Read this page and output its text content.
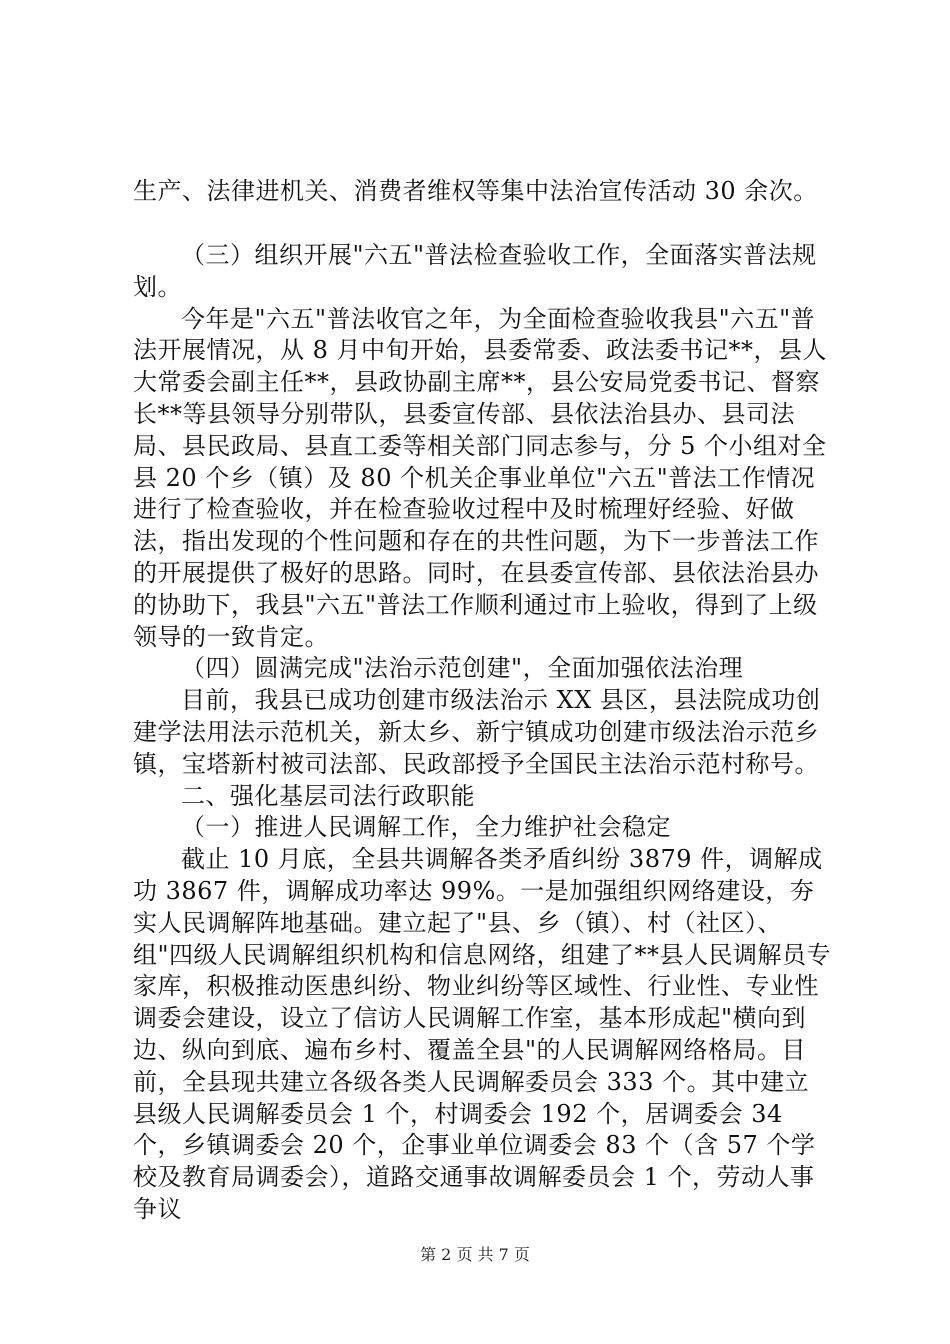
生产、法律进机关、消费者维权等集中法治宣传活动 30 余次。

（三）组织开展"六五"普法检查验收工作，全面落实普法规划。

今年是"六五"普法收官之年，为全面检查验收我县"六五"普法开展情况，从 8 月中旬开始，县委常委、政法委书记**，县人大常委会副主任**，县政协副主席**，县公安局党委书记、督察长**等县领导分别带队，县委宣传部、县依法治县办、县司法局、县民政局、县直工委等相关部门同志参与，分 5 个小组对全县 20 个乡（镇）及 80 个机关企事业单位"六五"普法工作情况进行了检查验收，并在检查验收过程中及时梳理好经验、好做法，指出发现的个性问题和存在的共性问题，为下一步普法工作的开展提供了极好的思路。同时，在县委宣传部、县依法治县办的协助下，我县"六五"普法工作顺利通过市上验收，得到了上级领导的一致肯定。

（四）圆满完成"法治示范创建"，全面加强依法治理

目前，我县已成功创建市级法治示 XX 县区，县法院成功创建学法用法示范机关，新太乡、新宁镇成功创建市级法治示范乡镇，宝塔新村被司法部、民政部授予全国民主法治示范村称号。

二、强化基层司法行政职能

（一）推进人民调解工作，全力维护社会稳定

截止 10 月底，全县共调解各类矛盾纠纷 3879 件，调解成功 3867 件，调解成功率达 99%。一是加强组织网络建设，夯实人民调解阵地基础。建立起了"县、乡（镇）、村（社区）、组"四级人民调解组织机构和信息网络，组建了**县人民调解员专家库，积极推动医患纠纷、物业纠纷等区域性、行业性、专业性调委会建设，设立了信访人民调解工作室，基本形成起"横向到边、纵向到底、遍布乡村、覆盖全县"的人民调解网络格局。目前，全县现共建立各级各类人民调解委员会 333 个。其中建立县级人民调解委员会 1 个，村调委会 192 个，居调委会 34 个，乡镇调委会 20 个，企事业单位调委会 83 个（含 57 个学校及教育局调委会），道路交通事故调解委员会 1 个，劳动人事争议

第 2 页 共 7 页
